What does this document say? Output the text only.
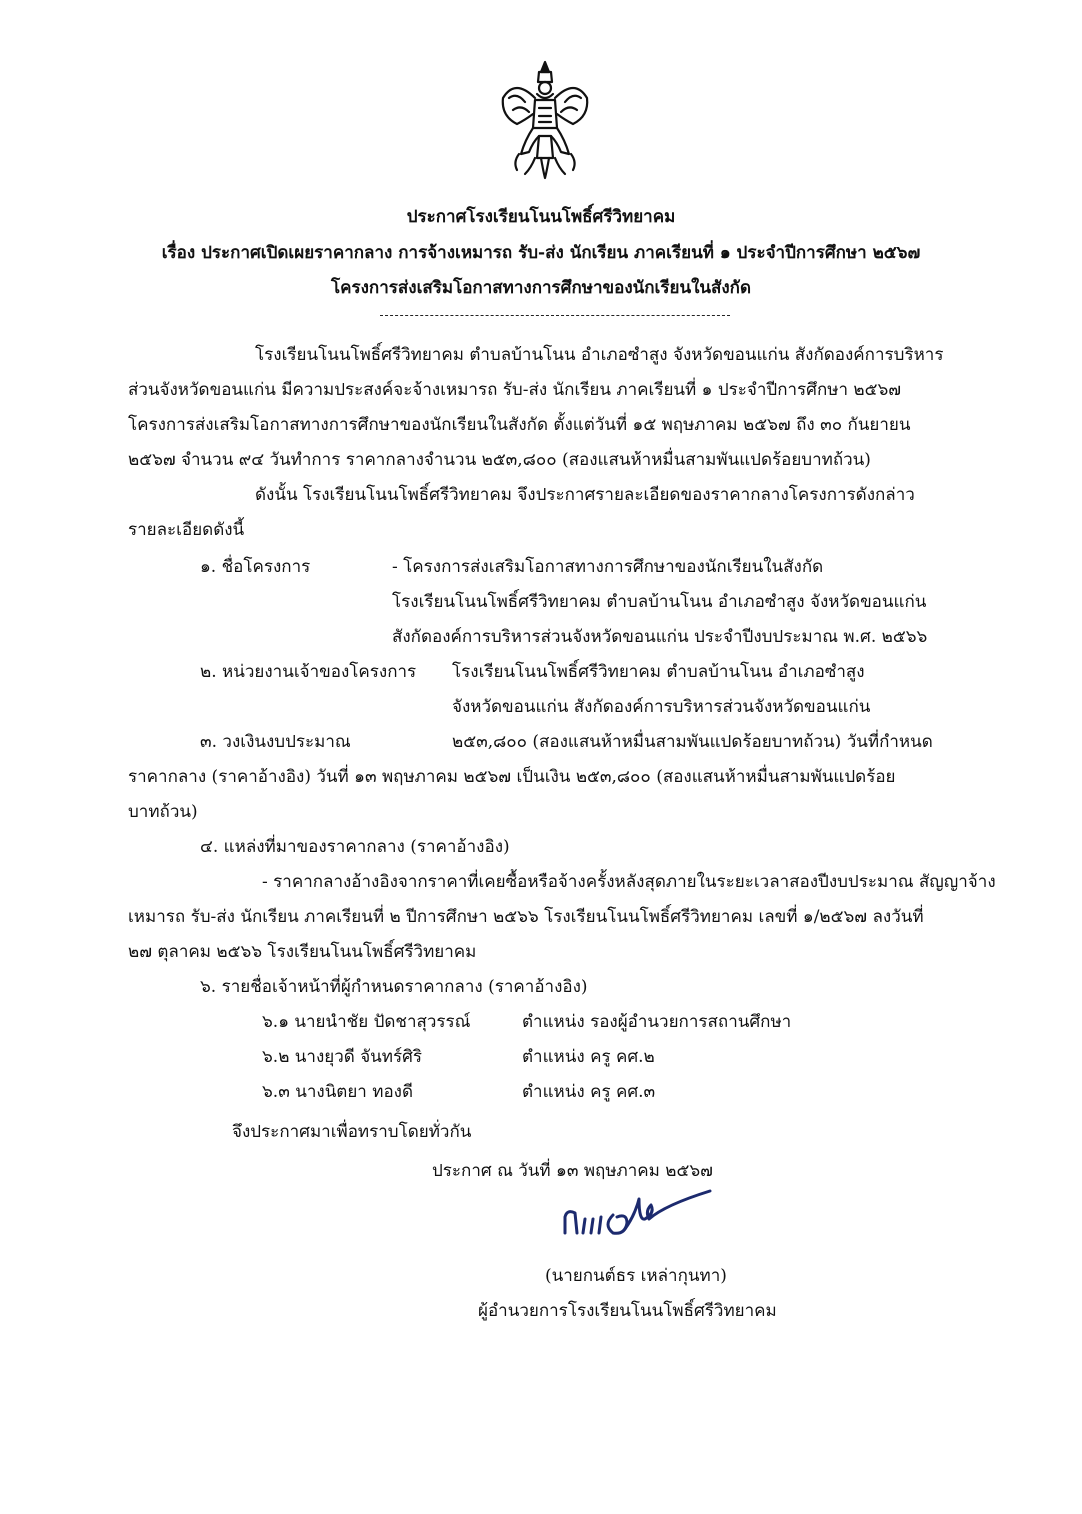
ประกาศโรงเรียนโนนโพธิ์ศรีวิทยาคม
เรื่อง ประกาศเปิดเผยราคากลาง การจ้างเหมารถ รับ-ส่ง นักเรียน ภาคเรียนที่ ๑ ประจำปีการศึกษา ๒๕๖๗
โครงการส่งเสริมโอกาสทางการศึกษาของนักเรียนในสังกัด
โรงเรียนโนนโพธิ์ศรีวิทยาคม ตำบลบ้านโนน อำเภอซำสูง จังหวัดขอนแก่น สังกัดองค์การบริหาร
ส่วนจังหวัดขอนแก่น มีความประสงค์จะจ้างเหมารถ รับ-ส่ง นักเรียน ภาคเรียนที่ ๑ ประจำปีการศึกษา ๒๕๖๗
โครงการส่งเสริมโอกาสทางการศึกษาของนักเรียนในสังกัด ตั้งแต่วันที่ ๑๕ พฤษภาคม ๒๕๖๗ ถึง ๓๐ กันยายน
๒๕๖๗ จำนวน ๙๔ วันทำการ ราคากลางจำนวน ๒๕๓,๘๐๐ (สองแสนห้าหมื่นสามพันแปดร้อยบาทถ้วน)
ดังนั้น โรงเรียนโนนโพธิ์ศรีวิทยาคม จึงประกาศรายละเอียดของราคากลางโครงการดังกล่าว
รายละเอียดดังนี้
๑. ชื่อโครงการ	- โครงการส่งเสริมโอกาสทางการศึกษาของนักเรียนในสังกัด
โรงเรียนโนนโพธิ์ศรีวิทยาคม ตำบลบ้านโนน อำเภอซำสูง จังหวัดขอนแก่น
สังกัดองค์การบริหารส่วนจังหวัดขอนแก่น ประจำปีงบประมาณ พ.ศ. ๒๕๖๖
๒. หน่วยงานเจ้าของโครงการ โรงเรียนโนนโพธิ์ศรีวิทยาคม ตำบลบ้านโนน อำเภอซำสูง
จังหวัดขอนแก่น สังกัดองค์การบริหารส่วนจังหวัดขอนแก่น
๓. วงเงินงบประมาณ	๒๕๓,๘๐๐ (สองแสนห้าหมื่นสามพันแปดร้อยบาทถ้วน) วันที่กำหนด
ราคากลาง (ราคาอ้างอิง) วันที่ ๑๓ พฤษภาคม ๒๕๖๗ เป็นเงิน ๒๕๓,๘๐๐ (สองแสนห้าหมื่นสามพันแปดร้อย
บาทถ้วน)
๔. แหล่งที่มาของราคากลาง (ราคาอ้างอิง)
- ราคากลางอ้างอิงจากราคาที่เคยซื้อหรือจ้างครั้งหลังสุดภายในระยะเวลาสองปีงบประมาณ สัญญาจ้าง
เหมารถ รับ-ส่ง นักเรียน ภาคเรียนที่ ๒ ปีการศึกษา ๒๕๖๖ โรงเรียนโนนโพธิ์ศรีวิทยาคม เลขที่ ๑/๒๕๖๗ ลงวันที่
๒๗ ตุลาคม ๒๕๖๖ โรงเรียนโนนโพธิ์ศรีวิทยาคม
๖. รายชื่อเจ้าหน้าที่ผู้กำหนดราคากลาง (ราคาอ้างอิง)
๖.๑ นายนำชัย ปัดชาสุวรรณ์	ตำแหน่ง รองผู้อำนวยการสถานศึกษา
๖.๒ นางยุวดี จันทร์ศิริ	ตำแหน่ง ครู คศ.๒
๖.๓ นางนิตยา ทองดี	ตำแหน่ง ครู คศ.๓
จึงประกาศมาเพื่อทราบโดยทั่วกัน
ประกาศ ณ วันที่ ๑๓ พฤษภาคม ๒๕๖๗
(นายกนต์ธร เหล่ากุนทา)
ผู้อำนวยการโรงเรียนโนนโพธิ์ศรีวิทยาคม
